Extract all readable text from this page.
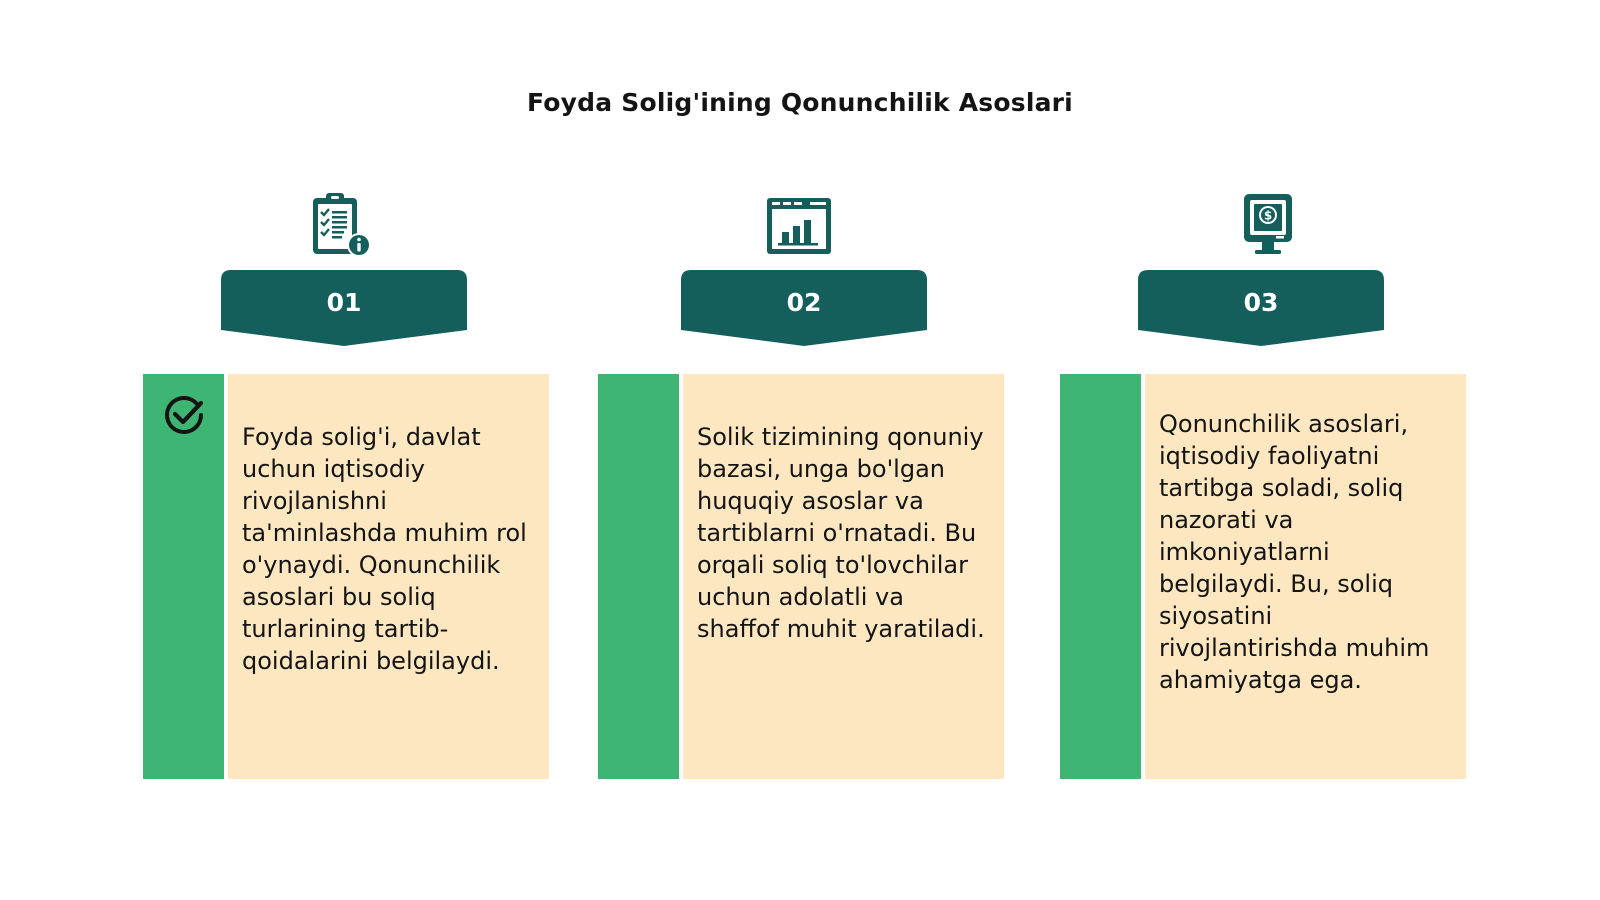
Foyda Solig'ining Qonunchilik Asoslari
01
Foyda solig'i, davlat uchun iqtisodiy rivojlanishni ta'minlashda muhim rol o'ynaydi. Qonunchilik asoslari bu soliq turlarining tartib-qoidalarini belgilaydi.
02
Solik tizimining qonuniy bazasi, unga bo'lgan huquqiy asoslar va tartiblarni o'rnatadi. Bu orqali soliq to'lovchilar uchun adolatli va shaffof muhit yaratiladi.
$
03
Qonunchilik asoslari, iqtisodiy faoliyatni tartibga soladi, soliq nazorati va imkoniyatlarni belgilaydi. Bu, soliq siyosatini rivojlantirishda muhim ahamiyatga ega.
